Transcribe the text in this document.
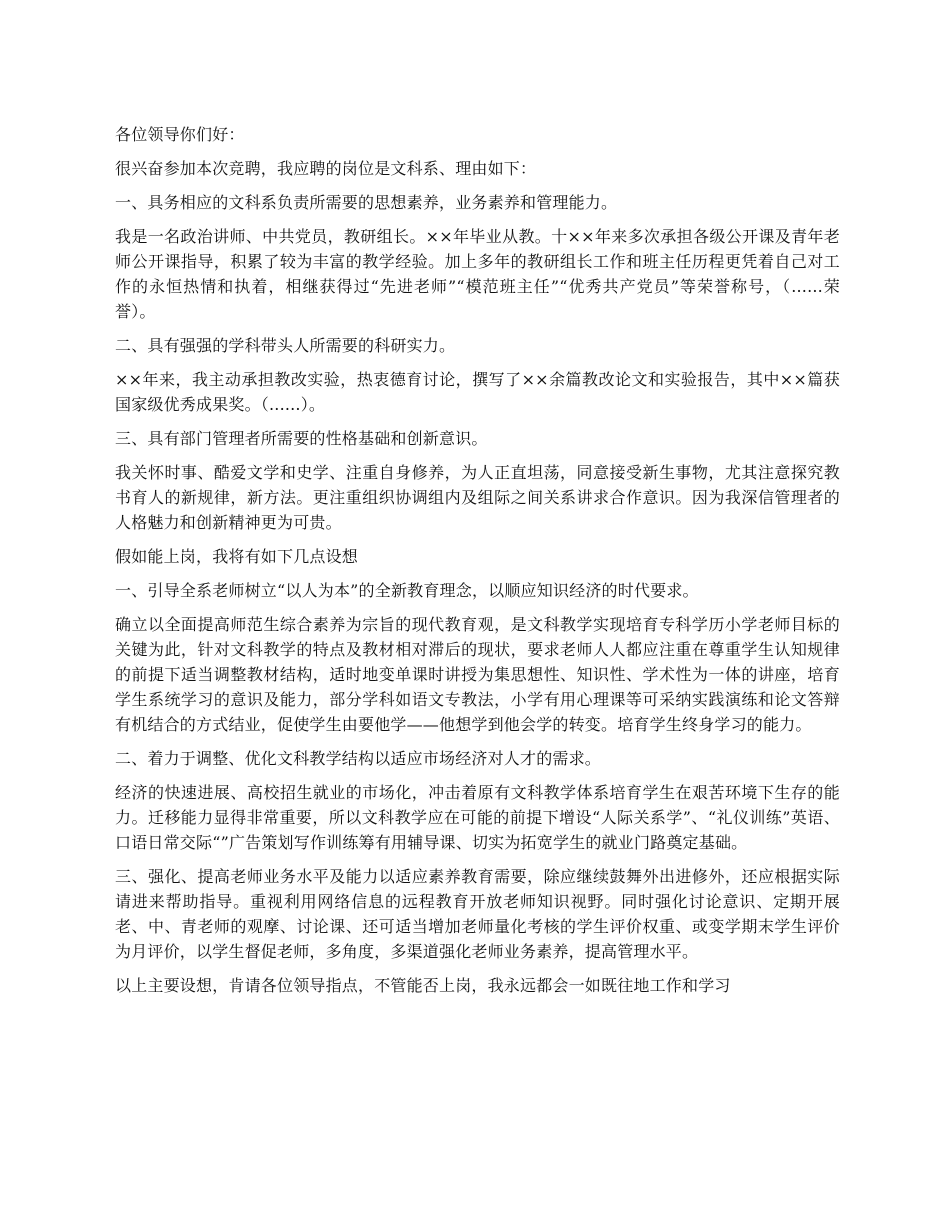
各位领导你们好：

很兴奋参加本次竞聘，我应聘的岗位是文科系、理由如下：

一、具务相应的文科系负责所需要的思想素养，业务素养和管理能力。

我是一名政治讲师、中共党员，教研组长。××年毕业从教。十××年来多次承担各级公开课及青年老师公开课指导，积累了较为丰富的教学经验。加上多年的教研组长工作和班主任历程更凭着自己对工作的永恒热情和执着，相继获得过“先进老师”“模范班主任”“优秀共产党员”等荣誉称号，（......荣誉）。

二、具有强强的学科带头人所需要的科研实力。

××年来，我主动承担教改实验，热衷德育讨论，撰写了××余篇教改论文和实验报告，其中××篇获国家级优秀成果奖。（......）。

三、具有部门管理者所需要的性格基础和创新意识。

我关怀时事、酷爱文学和史学、注重自身修养，为人正直坦荡，同意接受新生事物，尤其注意探究教书育人的新规律，新方法。更注重组织协调组内及组际之间关系讲求合作意识。因为我深信管理者的人格魅力和创新精神更为可贵。

假如能上岗，我将有如下几点设想

一、引导全系老师树立“以人为本”的全新教育理念，以顺应知识经济的时代要求。

确立以全面提高师范生综合素养为宗旨的现代教育观，是文科教学实现培育专科学历小学老师目标的关键为此，针对文科教学的特点及教材相对滞后的现状，要求老师人人都应注重在尊重学生认知规律的前提下适当调整教材结构，适时地变单课时讲授为集思想性、知识性、学术性为一体的讲座，培育学生系统学习的意识及能力，部分学科如语文专教法，小学有用心理课等可采纳实践演练和论文答辩有机结合的方式结业，促使学生由要他学——他想学到他会学的转变。培育学生终身学习的能力。

二、着力于调整、优化文科教学结构以适应市场经济对人才的需求。

经济的快速进展、高校招生就业的市场化，冲击着原有文科教学体系培育学生在艰苦环境下生存的能力。迁移能力显得非常重要，所以文科教学应在可能的前提下增设“人际关系学”、“礼仪训练”英语、口语日常交际“”广告策划写作训练筹有用辅导课、切实为拓宽学生的就业门路奠定基础。

三、强化、提高老师业务水平及能力以适应素养教育需要，除应继续鼓舞外出进修外，还应根据实际请进来帮助指导。重视利用网络信息的远程教育开放老师知识视野。同时强化讨论意识、定期开展老、中、青老师的观摩、讨论课、还可适当增加老师量化考核的学生评价权重、或变学期末学生评价为月评价，以学生督促老师，多角度，多渠道强化老师业务素养，提高管理水平。

以上主要设想，肯请各位领导指点，不管能否上岗，我永远都会一如既往地工作和学习
